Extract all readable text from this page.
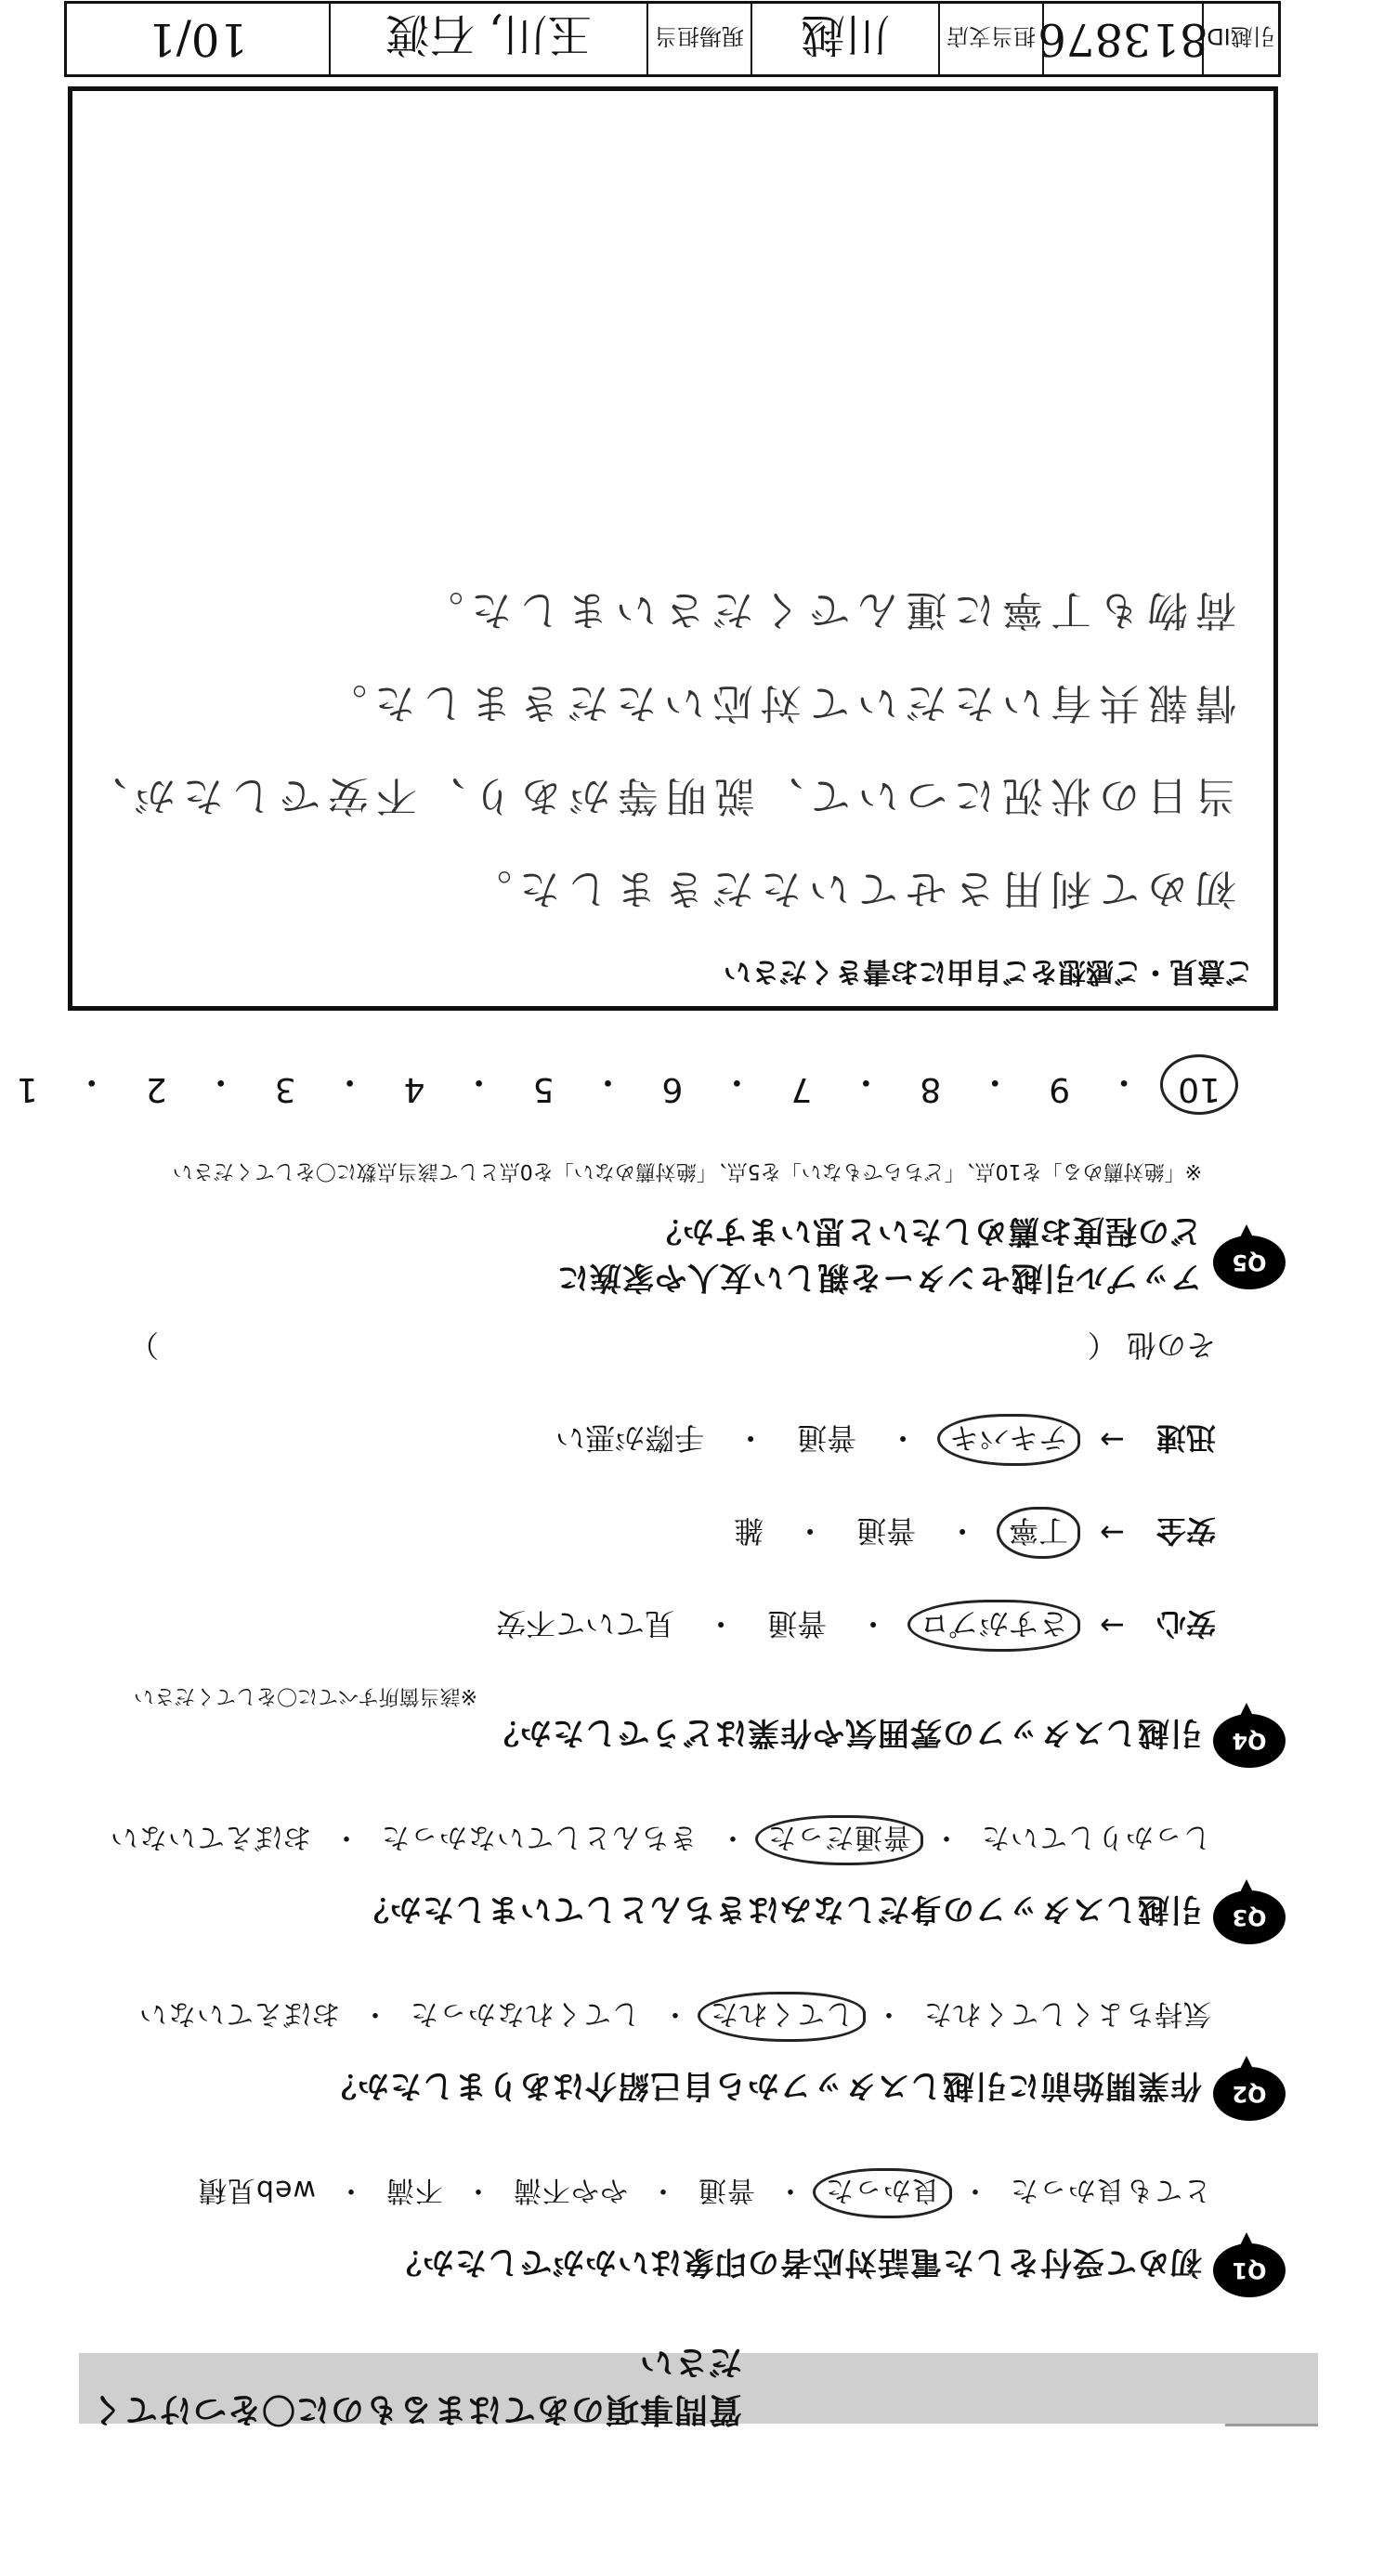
質問事項のあてはまるものに〇をつけてください
Q1
初めて受付をした電話対応者の印象はいかがでしたか？
とても良かった
・
良かった
・
普通
・
やや不満
・
不満
・
web見積
Q2
作業開始前に引越しスタッフから自己紹介はありましたか？
気持ちよくしてくれた
・
してくれた
・
してくれなかった
・
おぼえていない
Q3
引越しスタッフの身だしなみはきちんとしていましたか？
しっかりしていた
・
普通だった
・
きちんとしていなかった
・
おぼえていない
Q4
引越しスタッフの雰囲気や作業はどうでしたか？
※該当箇所すべてに〇をしてください
安心
→
さすがプロ
・
普通
・
見ていて不安
安全
→
丁寧
・
普通
・
雑
迅速
→
テキパキ
・
普通
・
手際が悪い
その他 （
）
Q5
アップル引越センターを親しい友人や家族に
どの程度お薦めしたいと思いますか？
※「絶対薦める」を10点、「どちらでもない」を5点、「絶対薦めない」を0点として該当点数に〇をしてください
10
・
9
・
8
・
7
・
6
・
5
・
4
・
3
・
2
・
1
ご意見・ご感想をご自由にお書きください
初めて利用させていただきました。
当日の状況について、説明等があり、不安でしたが、
情報共有いただいて対応いただきました。
荷物も丁寧に運んでくださいました。
引越ID
813876
担当支店
川越
現場担当
玉川, 石渡
10/1
